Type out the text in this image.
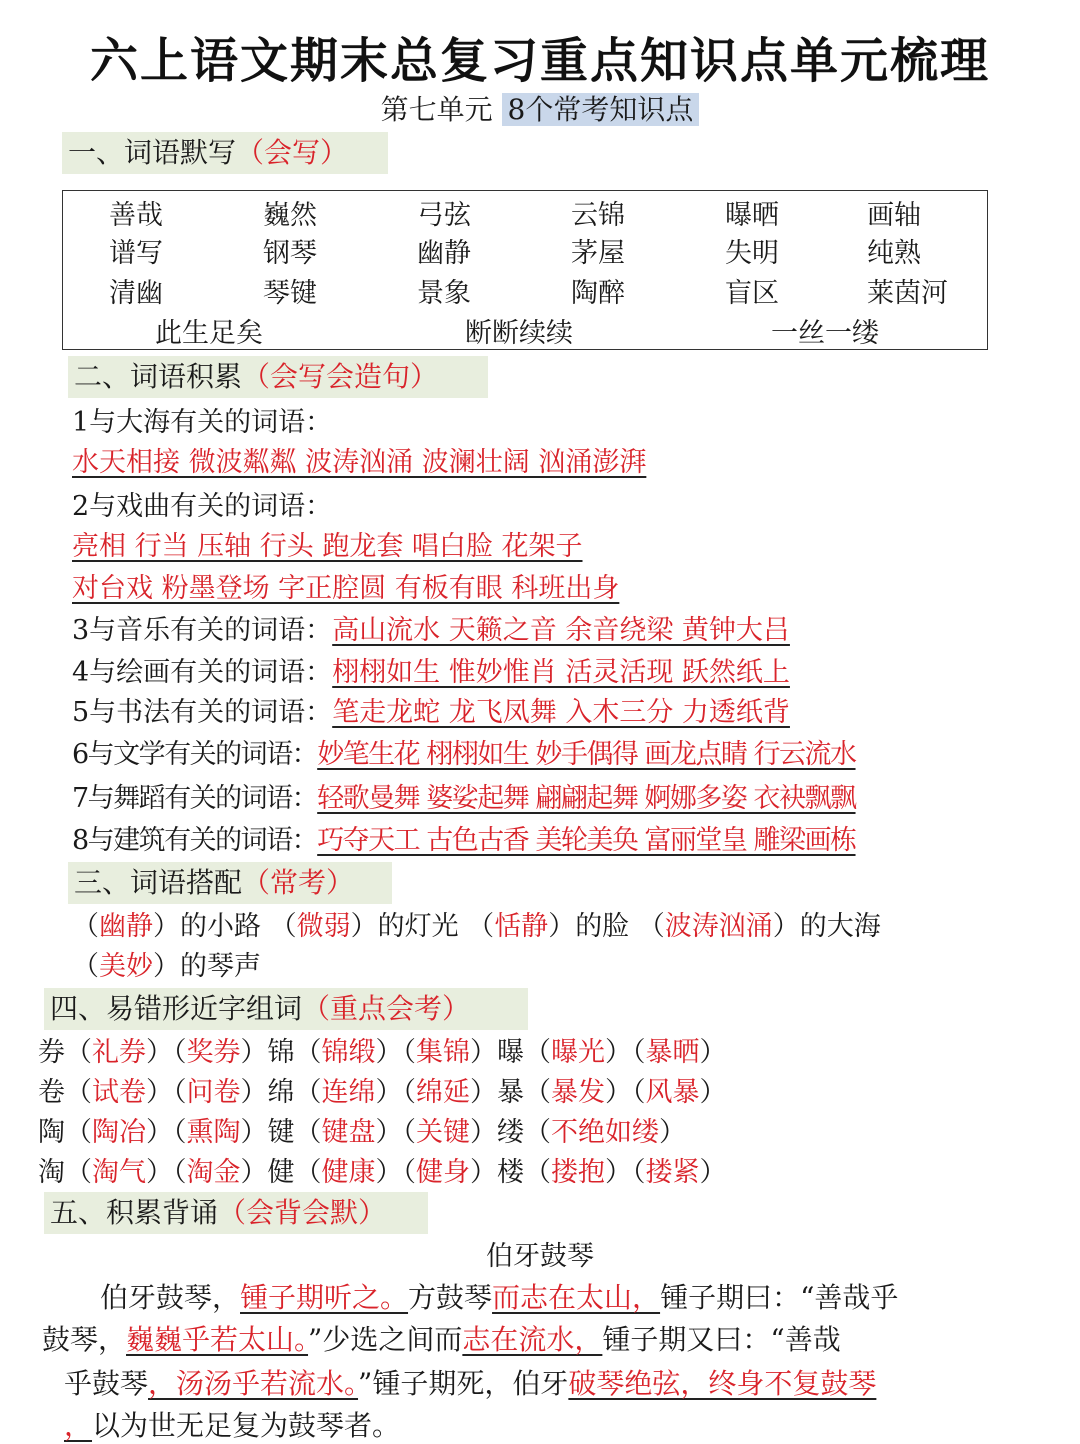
六上语文期末总复习重点知识点单元梳理
第七单元 8个常考知识点
一、词语默写（会写）
善哉	巍然	弓弦	云锦	曝晒	画轴
谱写	钢琴	幽静	茅屋	失明	纯熟
清幽	琴键	景象	陶醉	盲区	莱茵河
此生足矣	断断续续	一丝一缕
二、词语积累（会写会造句）
1与大海有关的词语：
水天相接 微波粼粼 波涛汹涌 波澜壮阔 汹涌澎湃
2与戏曲有关的词语：
亮相 行当 压轴 行头 跑龙套 唱白脸 花架子
对台戏 粉墨登场 字正腔圆 有板有眼 科班出身
3与音乐有关的词语：高山流水 天籁之音 余音绕梁 黄钟大吕
4与绘画有关的词语：栩栩如生 惟妙惟肖 活灵活现 跃然纸上
5与书法有关的词语：笔走龙蛇 龙飞凤舞 入木三分 力透纸背
6与文学有关的词语：妙笔生花 栩栩如生 妙手偶得 画龙点睛 行云流水
7与舞蹈有关的词语：轻歌曼舞 婆娑起舞 翩翩起舞 婀娜多姿 衣袂飘飘
8与建筑有关的词语：巧夺天工 古色古香 美轮美奂 富丽堂皇 雕梁画栋
三、词语搭配（常考）
（幽静）的小路 （微弱）的灯光 （恬静）的脸 （波涛汹涌）的大海
（美妙）的琴声
四、易错形近字组词（重点会考）
券（礼券）（奖券）锦（锦缎）（集锦）曝（曝光）（暴晒）
卷（试卷）（问卷）绵（连绵）（绵延）暴（暴发）（风暴）
陶（陶冶）（熏陶）键（键盘）（关键）缕（不绝如缕）
淘（淘气）（淘金）健（健康）（健身）楼（搂抱）（搂紧）
五、积累背诵（会背会默）
伯牙鼓琴
伯牙鼓琴，锺子期听之。方鼓琴而志在太山，锺子期曰：“善哉乎
鼓琴，巍巍乎若太山。”少选之间而志在流水，锺子期又曰：“善哉
乎鼓琴，汤汤乎若流水。”锺子期死，伯牙破琴绝弦，终身不复鼓琴
，以为世无足复为鼓琴者。
